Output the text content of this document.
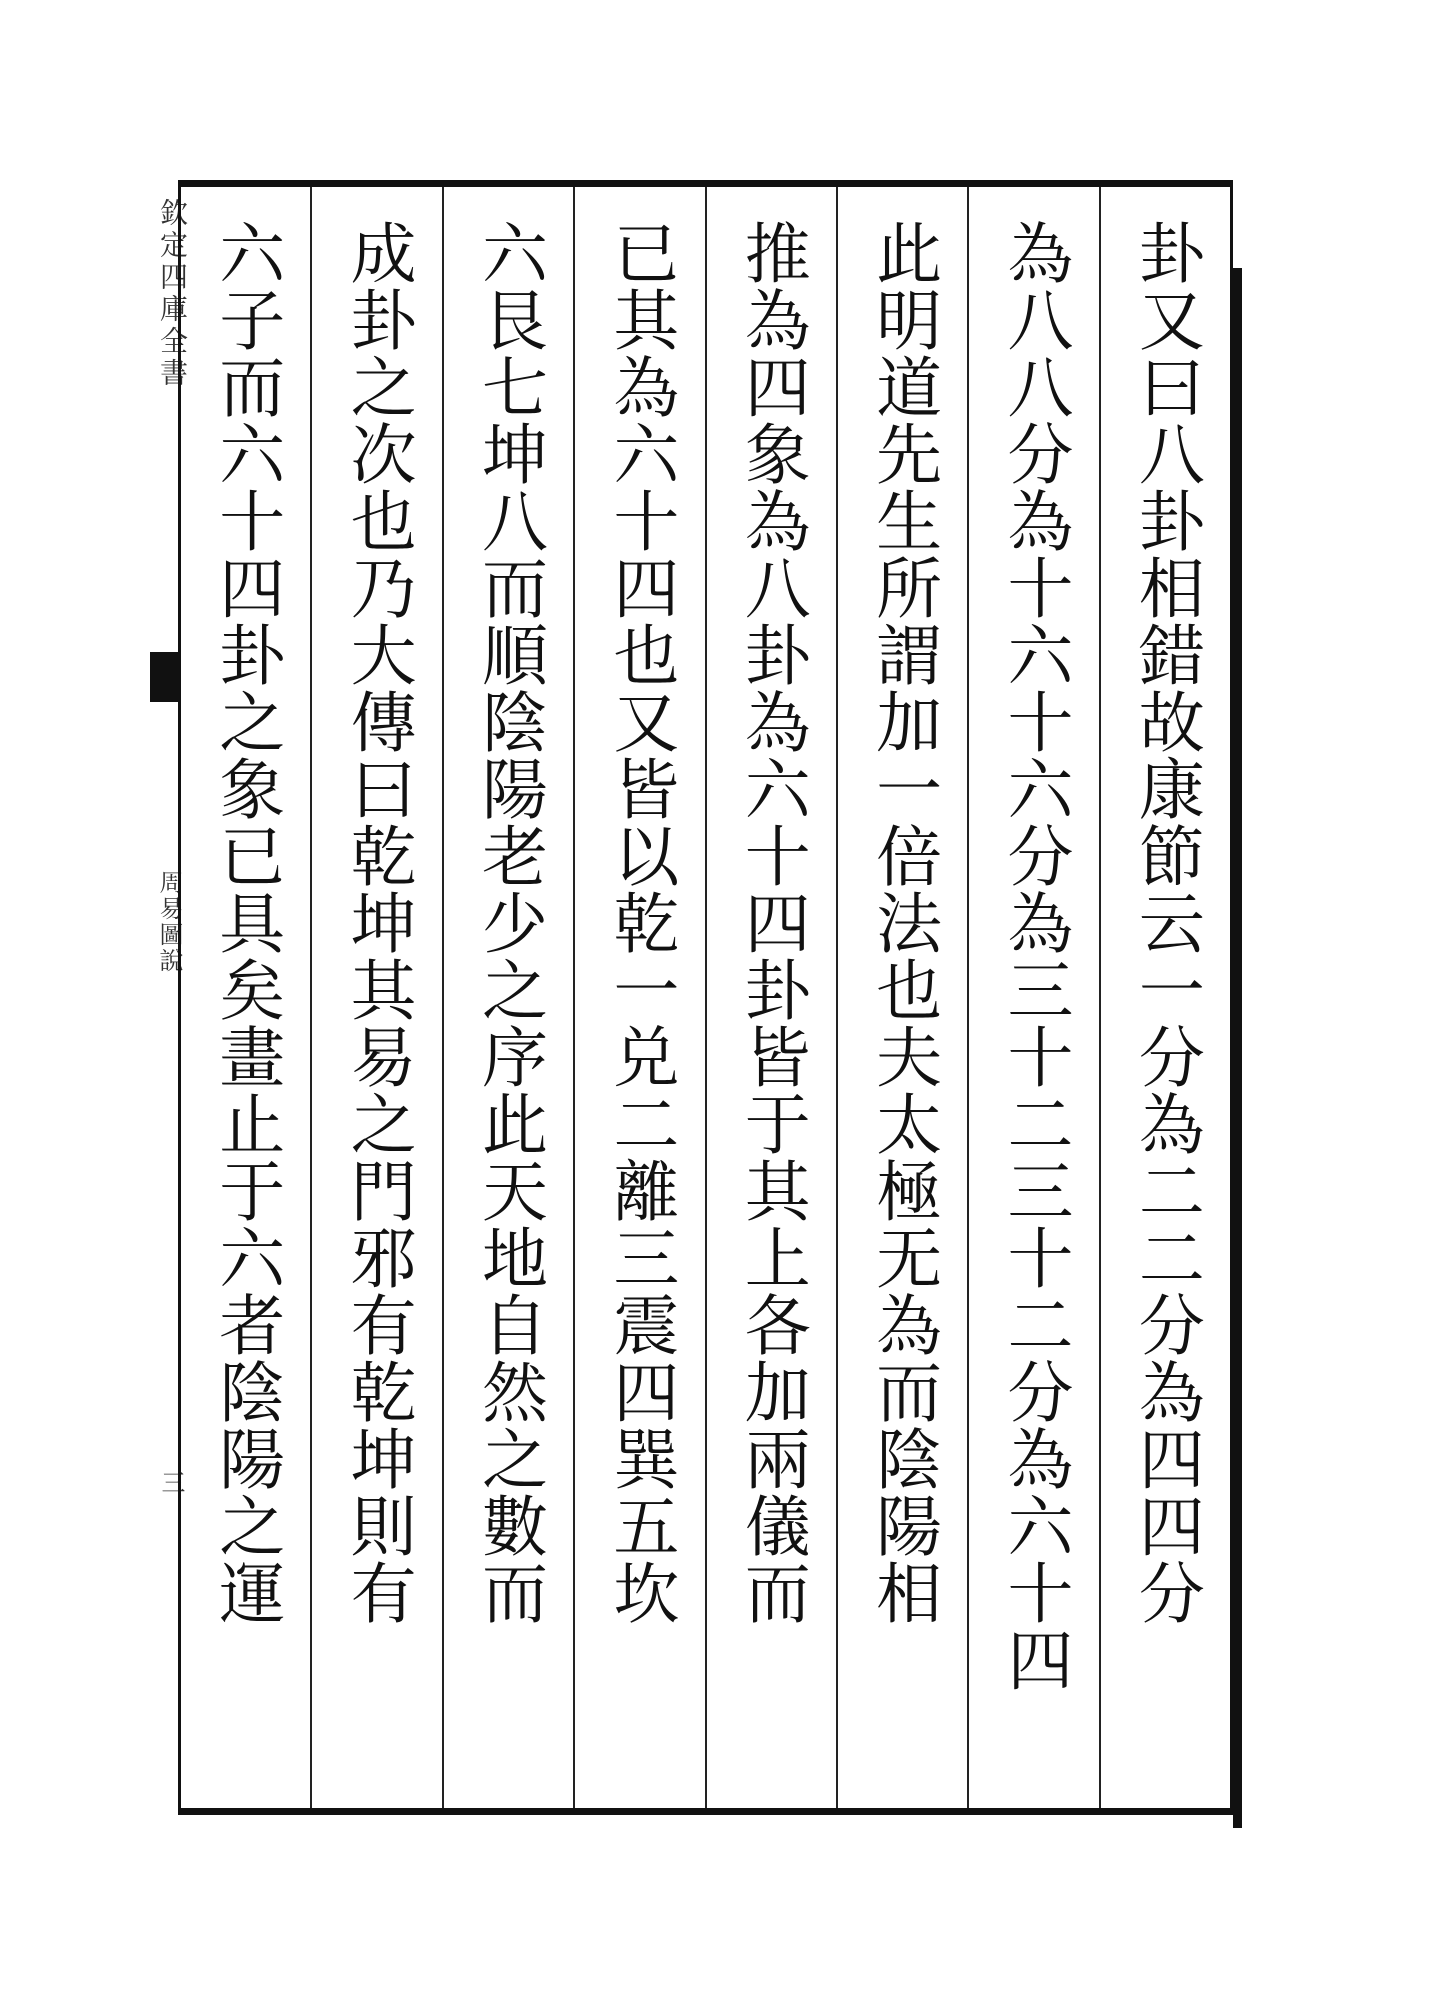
欽定四庫全書
周易圖說
三	卦又曰八卦相錯故康節云一分為二二分為四四分
為八八分為十六十六分為三十二三十二分為六十四
此明道先生所謂加一倍法也夫太極无為而陰陽相
推為四象為八卦為六十四卦皆于其上各加兩儀而
已其為六十四也又皆以乾一兑二離三震四巽五坎
六艮七坤八而順陰陽老少之序此天地自然之數而
成卦之次也乃大傳曰乾坤其易之門邪有乾坤則有
六子而六十四卦之象已具矣畫止于六者陰陽之運
